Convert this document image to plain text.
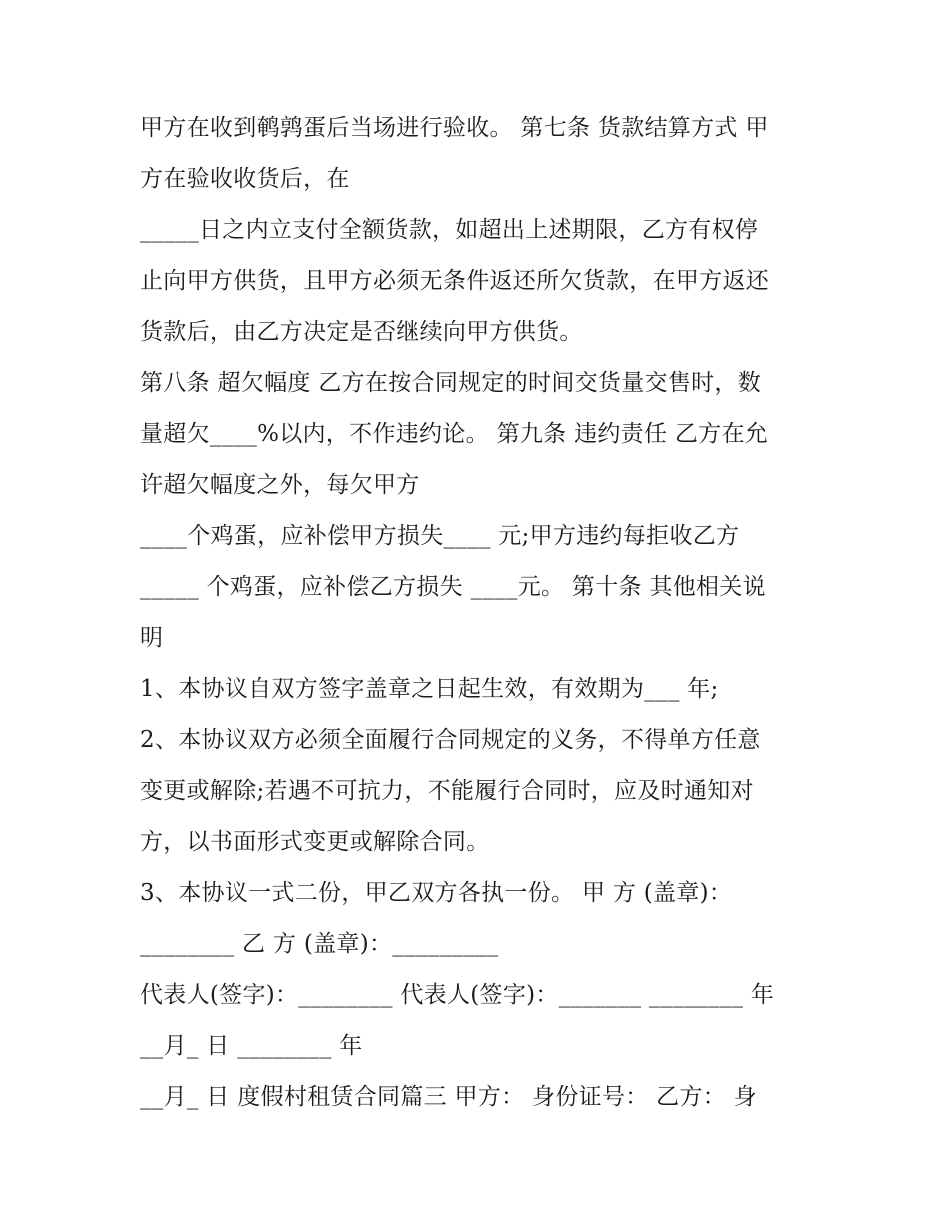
甲方在收到鹌鹑蛋后当场进行验收。 第七条 货款结算方式 甲
方在验收收货后，在
_____日之内立支付全额货款，如超出上述期限，乙方有权停
止向甲方供货，且甲方必须无条件返还所欠货款，在甲方返还
货款后，由乙方决定是否继续向甲方供货。
第八条 超欠幅度 乙方在按合同规定的时间交货量交售时，数
量超欠____%以内，不作违约论。 第九条 违约责任 乙方在允
许超欠幅度之外，每欠甲方
____个鸡蛋，应补偿甲方损失____ 元;甲方违约每拒收乙方
_____ 个鸡蛋，应补偿乙方损失 ____元。 第十条 其他相关说
明
1、本协议自双方签字盖章之日起生效，有效期为___ 年;
2、本协议双方必须全面履行合同规定的义务，不得单方任意
变更或解除;若遇不可抗力，不能履行合同时，应及时通知对
方，以书面形式变更或解除合同。
3、本协议一式二份，甲乙双方各执一份。 甲 方 (盖章)：
________ 乙 方 (盖章)：_________
代表人(签字)：________ 代表人(签字)：_______ ________ 年
__月_ 日 ________ 年
__月_ 日 度假村租赁合同篇三 甲方： 身份证号： 乙方： 身
